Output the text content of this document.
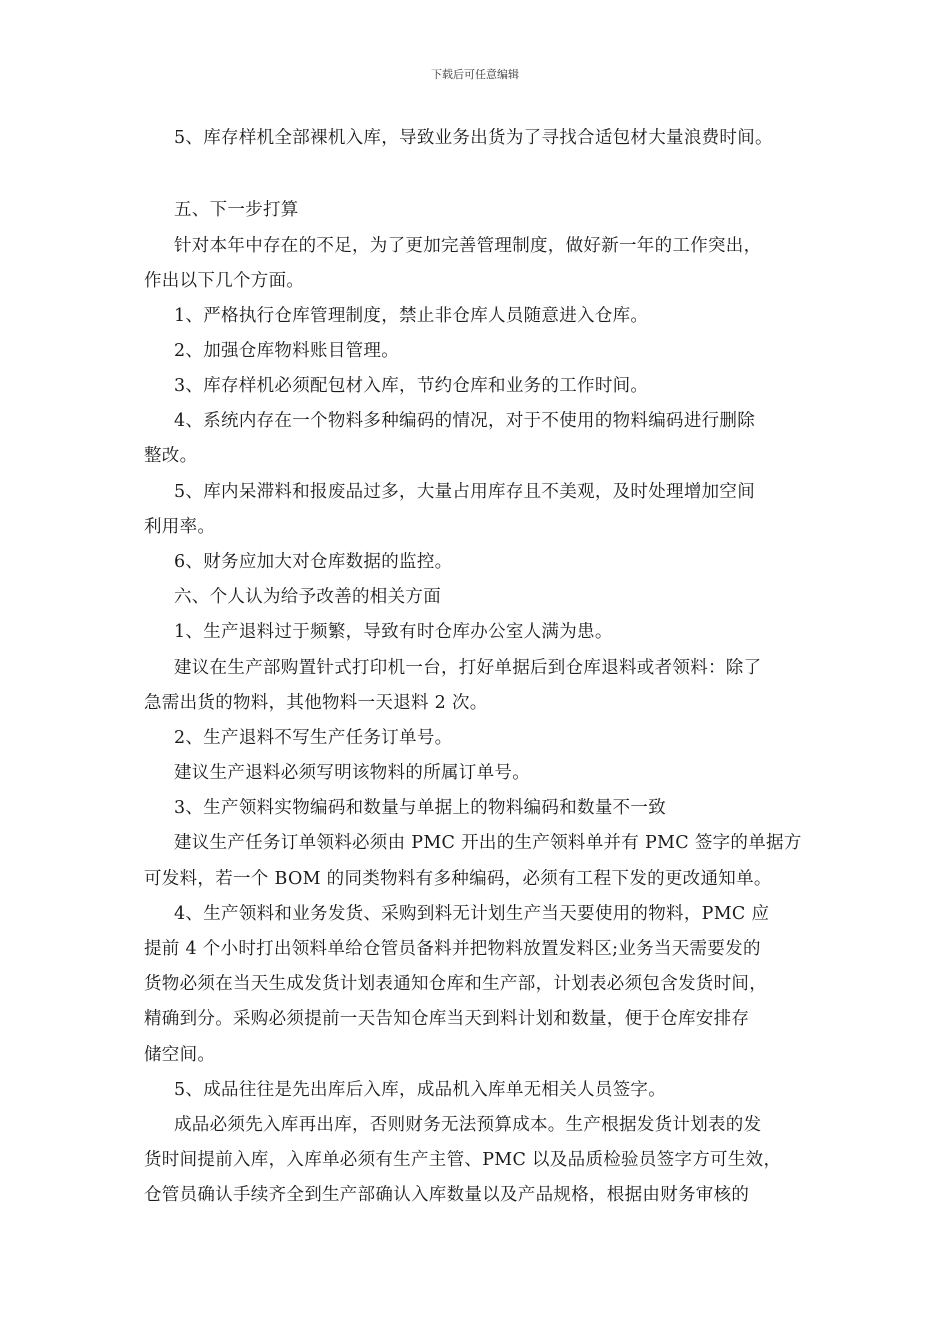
下载后可任意编辑
5、库存样机全部裸机入库，导致业务出货为了寻找合适包材大量浪费时间。
五、下一步打算
针对本年中存在的不足，为了更加完善管理制度，做好新一年的工作突出，
作出以下几个方面。
1、严格执行仓库管理制度，禁止非仓库人员随意进入仓库。
2、加强仓库物料账目管理。
3、库存样机必须配包材入库，节约仓库和业务的工作时间。
4、系统内存在一个物料多种编码的情况，对于不使用的物料编码进行删除
整改。
5、库内呆滞料和报废品过多，大量占用库存且不美观，及时处理增加空间
利用率。
6、财务应加大对仓库数据的监控。
六、个人认为给予改善的相关方面
1、生产退料过于频繁，导致有时仓库办公室人满为患。
建议在生产部购置针式打印机一台，打好单据后到仓库退料或者领料：除了
急需出货的物料，其他物料一天退料 2 次。
2、生产退料不写生产任务订单号。
建议生产退料必须写明该物料的所属订单号。
3、生产领料实物编码和数量与单据上的物料编码和数量不一致
建议生产任务订单领料必须由 PMC 开出的生产领料单并有 PMC 签字的单据方
可发料，若一个 BOM 的同类物料有多种编码，必须有工程下发的更改通知单。
4、生产领料和业务发货、采购到料无计划生产当天要使用的物料，PMC 应
提前 4 个小时打出领料单给仓管员备料并把物料放置发料区;业务当天需要发的
货物必须在当天生成发货计划表通知仓库和生产部，计划表必须包含发货时间，
精确到分。采购必须提前一天告知仓库当天到料计划和数量，便于仓库安排存
储空间。
5、成品往往是先出库后入库，成品机入库单无相关人员签字。
成品必须先入库再出库，否则财务无法预算成本。生产根据发货计划表的发
货时间提前入库，入库单必须有生产主管、PMC 以及品质检验员签字方可生效，
仓管员确认手续齐全到生产部确认入库数量以及产品规格，根据由财务审核的
